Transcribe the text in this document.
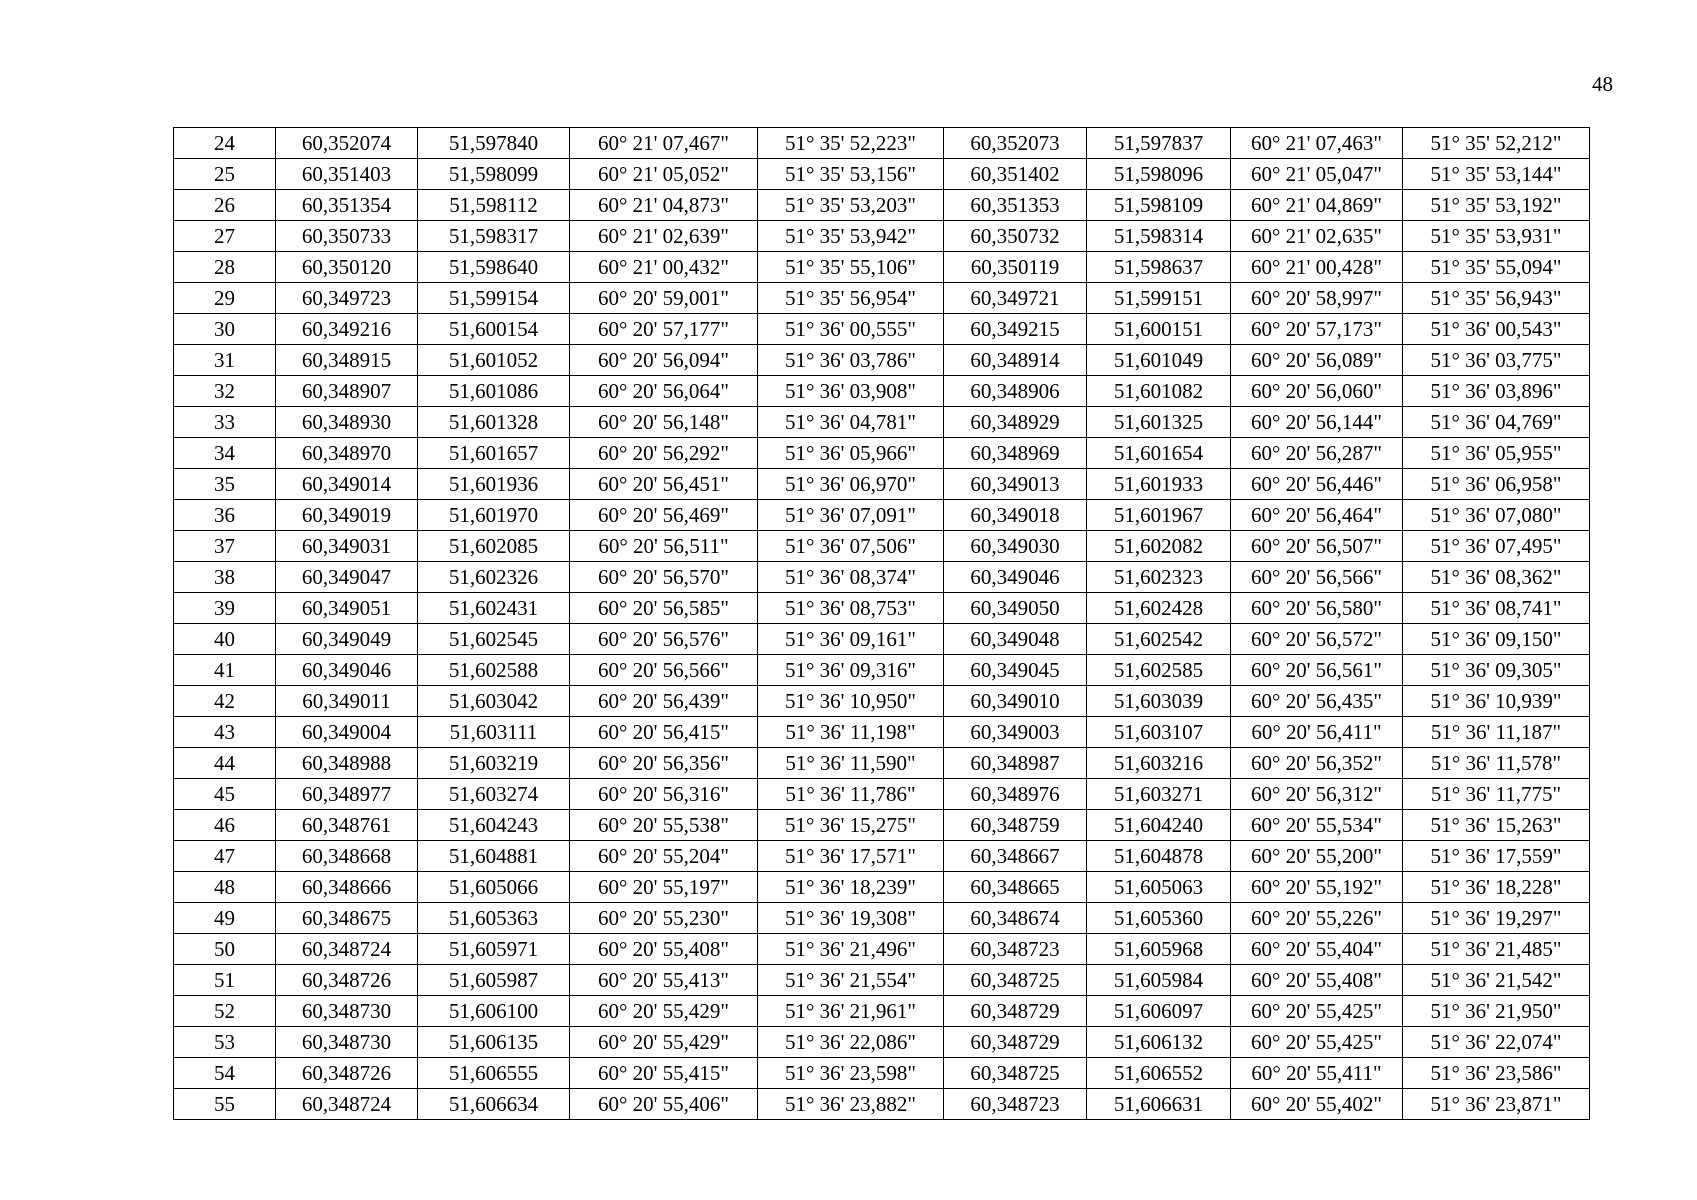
48
24	60,352074	51,597840	60° 21' 07,467"	51° 35' 52,223"	60,352073	51,597837	60° 21' 07,463"	51° 35' 52,212"
25	60,351403	51,598099	60° 21' 05,052"	51° 35' 53,156"	60,351402	51,598096	60° 21' 05,047"	51° 35' 53,144"
26	60,351354	51,598112	60° 21' 04,873"	51° 35' 53,203"	60,351353	51,598109	60° 21' 04,869"	51° 35' 53,192"
27	60,350733	51,598317	60° 21' 02,639"	51° 35' 53,942"	60,350732	51,598314	60° 21' 02,635"	51° 35' 53,931"
28	60,350120	51,598640	60° 21' 00,432"	51° 35' 55,106"	60,350119	51,598637	60° 21' 00,428"	51° 35' 55,094"
29	60,349723	51,599154	60° 20' 59,001"	51° 35' 56,954"	60,349721	51,599151	60° 20' 58,997"	51° 35' 56,943"
30	60,349216	51,600154	60° 20' 57,177"	51° 36' 00,555"	60,349215	51,600151	60° 20' 57,173"	51° 36' 00,543"
31	60,348915	51,601052	60° 20' 56,094"	51° 36' 03,786"	60,348914	51,601049	60° 20' 56,089"	51° 36' 03,775"
32	60,348907	51,601086	60° 20' 56,064"	51° 36' 03,908"	60,348906	51,601082	60° 20' 56,060"	51° 36' 03,896"
33	60,348930	51,601328	60° 20' 56,148"	51° 36' 04,781"	60,348929	51,601325	60° 20' 56,144"	51° 36' 04,769"
34	60,348970	51,601657	60° 20' 56,292"	51° 36' 05,966"	60,348969	51,601654	60° 20' 56,287"	51° 36' 05,955"
35	60,349014	51,601936	60° 20' 56,451"	51° 36' 06,970"	60,349013	51,601933	60° 20' 56,446"	51° 36' 06,958"
36	60,349019	51,601970	60° 20' 56,469"	51° 36' 07,091"	60,349018	51,601967	60° 20' 56,464"	51° 36' 07,080"
37	60,349031	51,602085	60° 20' 56,511"	51° 36' 07,506"	60,349030	51,602082	60° 20' 56,507"	51° 36' 07,495"
38	60,349047	51,602326	60° 20' 56,570"	51° 36' 08,374"	60,349046	51,602323	60° 20' 56,566"	51° 36' 08,362"
39	60,349051	51,602431	60° 20' 56,585"	51° 36' 08,753"	60,349050	51,602428	60° 20' 56,580"	51° 36' 08,741"
40	60,349049	51,602545	60° 20' 56,576"	51° 36' 09,161"	60,349048	51,602542	60° 20' 56,572"	51° 36' 09,150"
41	60,349046	51,602588	60° 20' 56,566"	51° 36' 09,316"	60,349045	51,602585	60° 20' 56,561"	51° 36' 09,305"
42	60,349011	51,603042	60° 20' 56,439"	51° 36' 10,950"	60,349010	51,603039	60° 20' 56,435"	51° 36' 10,939"
43	60,349004	51,603111	60° 20' 56,415"	51° 36' 11,198"	60,349003	51,603107	60° 20' 56,411"	51° 36' 11,187"
44	60,348988	51,603219	60° 20' 56,356"	51° 36' 11,590"	60,348987	51,603216	60° 20' 56,352"	51° 36' 11,578"
45	60,348977	51,603274	60° 20' 56,316"	51° 36' 11,786"	60,348976	51,603271	60° 20' 56,312"	51° 36' 11,775"
46	60,348761	51,604243	60° 20' 55,538"	51° 36' 15,275"	60,348759	51,604240	60° 20' 55,534"	51° 36' 15,263"
47	60,348668	51,604881	60° 20' 55,204"	51° 36' 17,571"	60,348667	51,604878	60° 20' 55,200"	51° 36' 17,559"
48	60,348666	51,605066	60° 20' 55,197"	51° 36' 18,239"	60,348665	51,605063	60° 20' 55,192"	51° 36' 18,228"
49	60,348675	51,605363	60° 20' 55,230"	51° 36' 19,308"	60,348674	51,605360	60° 20' 55,226"	51° 36' 19,297"
50	60,348724	51,605971	60° 20' 55,408"	51° 36' 21,496"	60,348723	51,605968	60° 20' 55,404"	51° 36' 21,485"
51	60,348726	51,605987	60° 20' 55,413"	51° 36' 21,554"	60,348725	51,605984	60° 20' 55,408"	51° 36' 21,542"
52	60,348730	51,606100	60° 20' 55,429"	51° 36' 21,961"	60,348729	51,606097	60° 20' 55,425"	51° 36' 21,950"
53	60,348730	51,606135	60° 20' 55,429"	51° 36' 22,086"	60,348729	51,606132	60° 20' 55,425"	51° 36' 22,074"
54	60,348726	51,606555	60° 20' 55,415"	51° 36' 23,598"	60,348725	51,606552	60° 20' 55,411"	51° 36' 23,586"
55	60,348724	51,606634	60° 20' 55,406"	51° 36' 23,882"	60,348723	51,606631	60° 20' 55,402"	51° 36' 23,871"
